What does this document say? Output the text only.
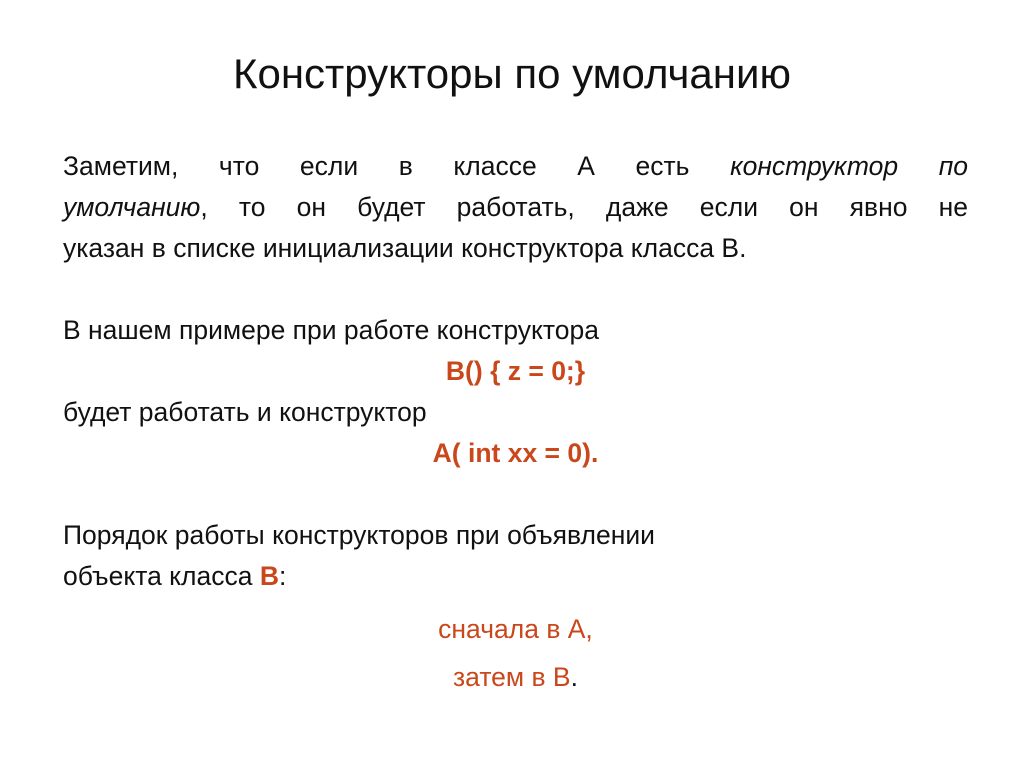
Конструкторы по умолчанию
Заметим, что если в классе А есть конструктор по
умолчанию, то он будет работать, даже если он явно не
указан в списке инициализации конструктора класса В.
В нашем примере при работе конструктора
B() { z = 0;}
будет работать и конструктор
A( int xx = 0).
Порядок работы конструкторов при объявлении
объекта класса B:
сначала в А,
затем в В.
